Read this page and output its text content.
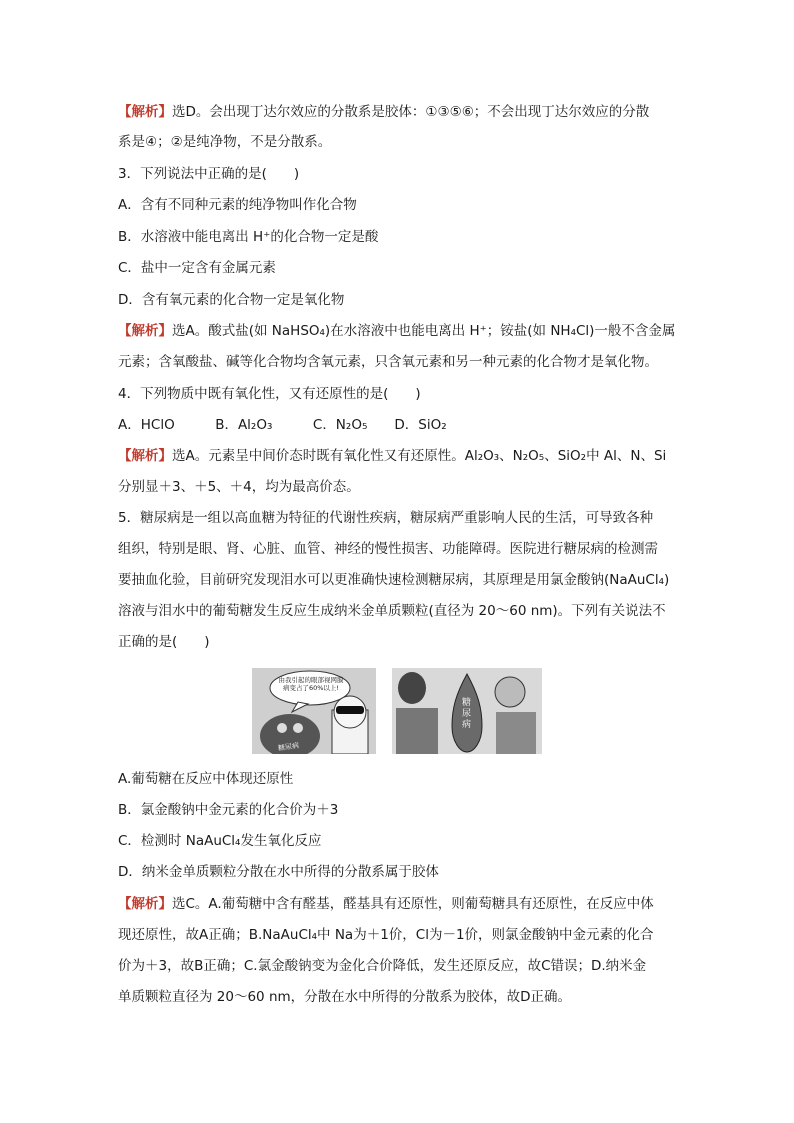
【解析】选D。会出现丁达尔效应的分散系是胶体：①③⑤⑥；不会出现丁达尔效应的分散
系是④；②是纯净物，不是分散系。
3．下列说法中正确的是(　　)
A．含有不同种元素的纯净物叫作化合物
B．水溶液中能电离出 H⁺的化合物一定是酸
C．盐中一定含有金属元素
D．含有氧元素的化合物一定是氧化物
【解析】选A。酸式盐(如 NaHSO₄)在水溶液中也能电离出 H⁺；铵盐(如 NH₄Cl)一般不含金属
元素；含氧酸盐、碱等化合物均含氧元素，只含氧元素和另一种元素的化合物才是氧化物。
4．下列物质中既有氧化性，又有还原性的是(　　)
A．HClO　　　B．Al₂O₃　　　C．N₂O₅　　D．SiO₂
【解析】选A。元素呈中间价态时既有氧化性又有还原性。Al₂O₃、N₂O₅、SiO₂中 Al、N、Si
分别显＋3、＋5、＋4，均为最高价态。
5．糖尿病是一组以高血糖为特征的代谢性疾病，糖尿病严重影响人民的生活，可导致各种
组织，特别是眼、肾、心脏、血管、神经的慢性损害、功能障碍。医院进行糖尿病的检测需
要抽血化验，目前研究发现泪水可以更准确快速检测糖尿病，其原理是用氯金酸钠(NaAuCl₄)
溶液与泪水中的葡萄糖发生反应生成纳米金单质颗粒(直径为 20～60 nm)。下列有关说法不
正确的是(　　)
由我引起的眼部视网膜病变占了60%以上!
糖尿病
糖尿病
A.葡萄糖在反应中体现还原性
B．氯金酸钠中金元素的化合价为＋3
C．检测时 NaAuCl₄发生氧化反应
D．纳米金单质颗粒分散在水中所得的分散系属于胶体
【解析】选C。A.葡萄糖中含有醛基，醛基具有还原性，则葡萄糖具有还原性，在反应中体
现还原性，故A正确；B.NaAuCl₄中 Na为＋1价，Cl为－1价，则氯金酸钠中金元素的化合
价为＋3，故B正确；C.氯金酸钠变为金化合价降低，发生还原反应，故C错误；D.纳米金
单质颗粒直径为 20～60 nm，分散在水中所得的分散系为胶体，故D正确。
